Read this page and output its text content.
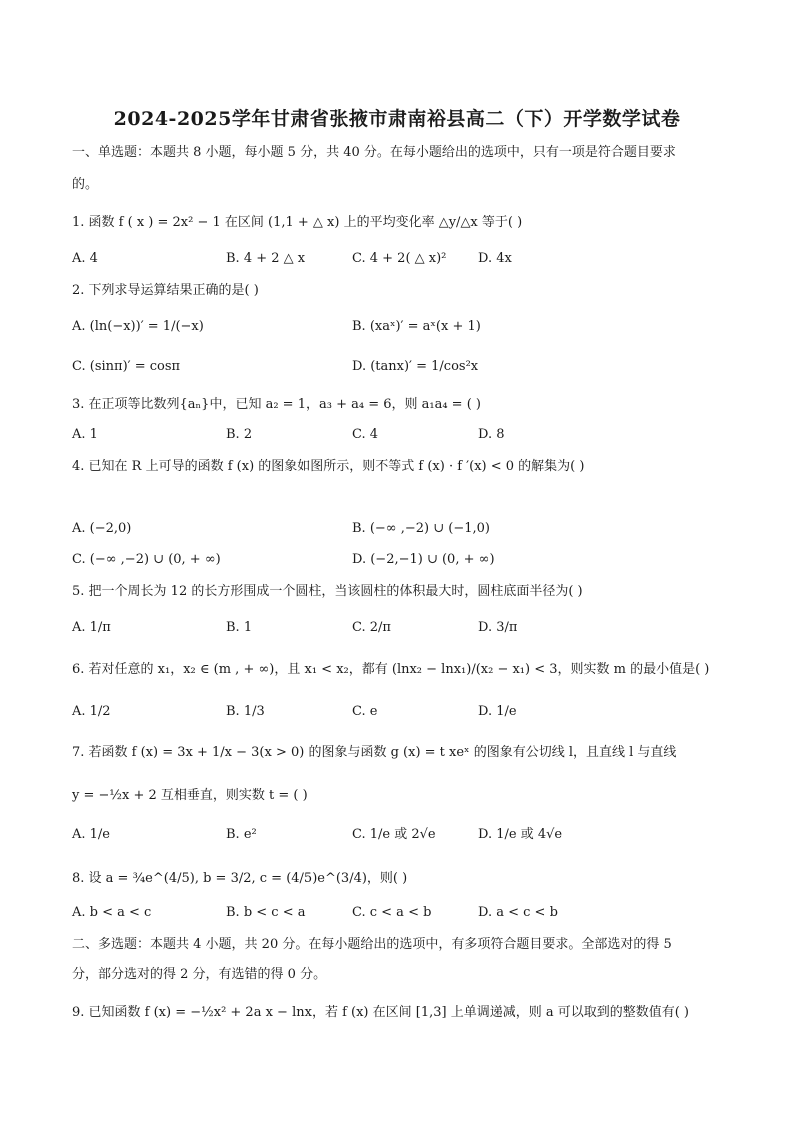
2024-2025学年甘肃省张掖市肃南裕县高二（下）开学数学试卷
一、单选题：本题共 8 小题，每小题 5 分，共 40 分。在每小题给出的选项中，只有一项是符合题目要求
的。
1. 函数 f ( x ) = 2x² − 1 在区间 (1,1 + △ x) 上的平均变化率 △y/△x 等于( )
A. 4	B. 4 + 2 △ x	C. 4 + 2( △ x)² D. 4x
2. 下列求导运算结果正确的是( )
A. (ln(−x))′ = 1/(−x)	B. (xaˣ)′ = aˣ(x + 1)
C. (sinπ)′ = cosπ	D. (tanx)′ = 1/cos²x
3. 在正项等比数列{aₙ}中，已知 a₂ = 1，a₃ + a₄ = 6，则 a₁a₄ = ( )
A. 1	B. 2	C. 4	D. 8
4. 已知在 R 上可导的函数 f (x) 的图象如图所示，则不等式 f (x) · f ′(x) < 0 的解集为( )
A. (−2,0)	B. (−∞ ,−2) ∪ (−1,0)
C. (−∞ ,−2) ∪ (0, + ∞)	D. (−2,−1) ∪ (0, + ∞)
5. 把一个周长为 12 的长方形围成一个圆柱，当该圆柱的体积最大时，圆柱底面半径为( )
A. 1/π	B. 1	C. 2/π	D. 3/π
6. 若对任意的 x₁，x₂ ∈ (m , + ∞)，且 x₁ < x₂，都有 (lnx₂ − lnx₁)/(x₂ − x₁) < 3，则实数 m 的最小值是( )
A. 1/2	B. 1/3	C. e	D. 1/e
7. 若函数 f (x) = 3x + 1/x − 3(x > 0) 的图象与函数 g (x) = t xeˣ 的图象有公切线 l，且直线 l 与直线
y = −½x + 2 互相垂直，则实数 t = ( )
A. 1/e	B. e²	C. 1/e 或 2√e	D. 1/e 或 4√e
8. 设 a = ¾e^(4/5), b = 3/2, c = (4/5)e^(3/4)，则( )
A. b < a < c	B. b < c < a	C. c < a < b	D. a < c < b
二、多选题：本题共 4 小题，共 20 分。在每小题给出的选项中，有多项符合题目要求。全部选对的得 5
分，部分选对的得 2 分，有选错的得 0 分。
9. 已知函数 f (x) = −½x² + 2a x − lnx，若 f (x) 在区间 [1,3] 上单调递减，则 a 可以取到的整数值有( )
